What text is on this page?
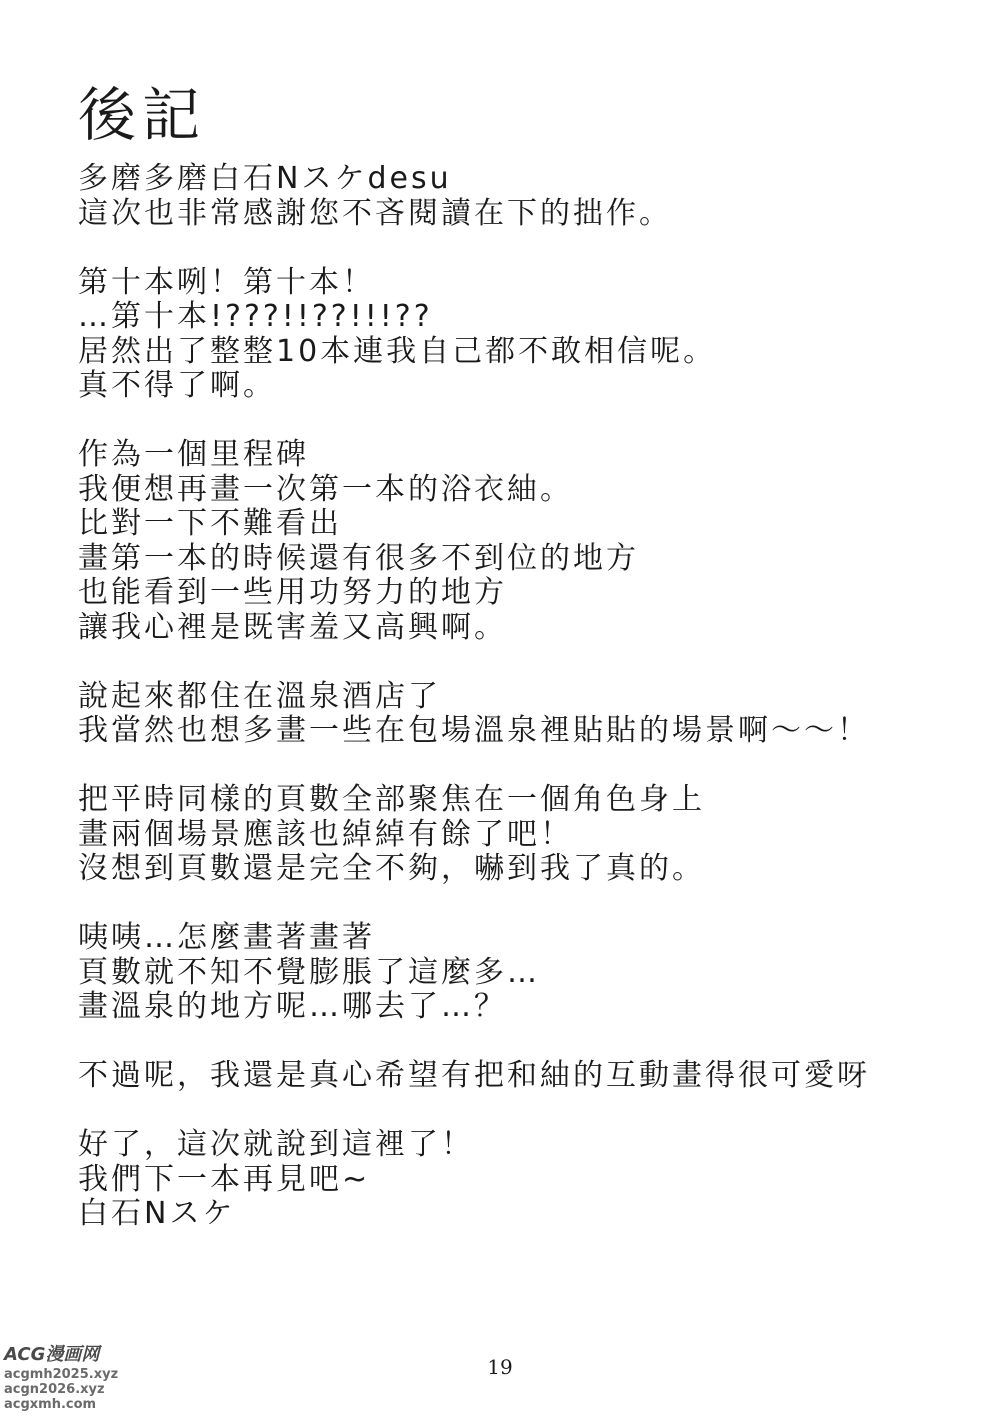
後記
多磨多磨白石Nスケdesu
這次也非常感謝您不吝閱讀在下的拙作。
第十本咧！第十本！
…第十本!???!!??!!!??
居然出了整整10本連我自己都不敢相信呢。
真不得了啊。
作為一個里程碑
我便想再畫一次第一本的浴衣紬。
比對一下不難看出
畫第一本的時候還有很多不到位的地方
也能看到一些用功努力的地方
讓我心裡是既害羞又高興啊。
說起來都住在溫泉酒店了
我當然也想多畫一些在包場溫泉裡貼貼的場景啊～～！
把平時同樣的頁數全部聚焦在一個角色身上
畫兩個場景應該也綽綽有餘了吧！
沒想到頁數還是完全不夠，嚇到我了真的。
咦咦…怎麼畫著畫著
頁數就不知不覺膨脹了這麼多…
畫溫泉的地方呢…哪去了…？
不過呢，我還是真心希望有把和紬的互動畫得很可愛呀
好了，這次就說到這裡了！
我們下一本再見吧~
白石Nスケ
19
ACG漫画网
acgmh2025.xyz
acgn2026.xyz
acgxmh.com
